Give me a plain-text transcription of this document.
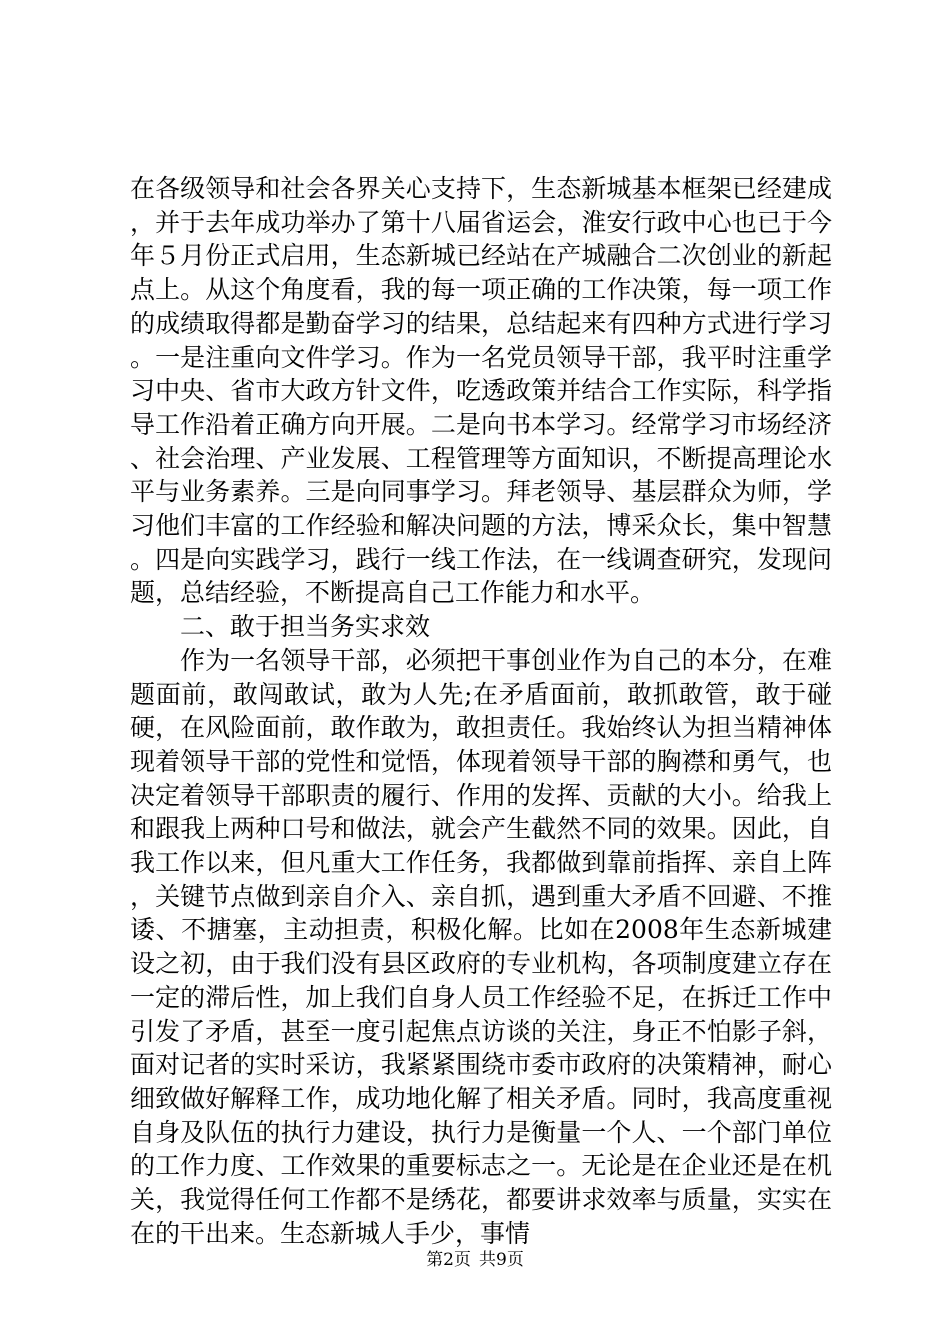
在各级领导和社会各界关心支持下，生态新城基本框架已经建成，并于去年成功举办了第十八届省运会，淮安行政中心也已于今年５月份正式启用，生态新城已经站在产城融合二次创业的新起点上。从这个角度看，我的每一项正确的工作决策，每一项工作的成绩取得都是勤奋学习的结果，总结起来有四种方式进行学习。一是注重向文件学习。作为一名党员领导干部，我平时注重学习中央、省市大政方针文件，吃透政策并结合工作实际，科学指导工作沿着正确方向开展。二是向书本学习。经常学习市场经济、社会治理、产业发展、工程管理等方面知识，不断提高理论水平与业务素养。三是向同事学习。拜老领导、基层群众为师，学习他们丰富的工作经验和解决问题的方法，博采众长，集中智慧。四是向实践学习，践行一线工作法，在一线调查研究，发现问题，总结经验，不断提高自己工作能力和水平。

二、敢于担当务实求效

作为一名领导干部，必须把干事创业作为自己的本分，在难题面前，敢闯敢试，敢为人先;在矛盾面前，敢抓敢管，敢于碰硬，在风险面前，敢作敢为，敢担责任。我始终认为担当精神体现着领导干部的党性和觉悟，体现着领导干部的胸襟和勇气，也决定着领导干部职责的履行、作用的发挥、贡献的大小。给我上和跟我上两种口号和做法，就会产生截然不同的效果。因此，自我工作以来，但凡重大工作任务，我都做到靠前指挥、亲自上阵，关键节点做到亲自介入、亲自抓，遇到重大矛盾不回避、不推诿、不搪塞，主动担责，积极化解。比如在2008年生态新城建设之初，由于我们没有县区政府的专业机构，各项制度建立存在一定的滞后性，加上我们自身人员工作经验不足，在拆迁工作中引发了矛盾，甚至一度引起焦点访谈的关注，身正不怕影子斜，面对记者的实时采访，我紧紧围绕市委市政府的决策精神，耐心细致做好解释工作，成功地化解了相关矛盾。同时，我高度重视自身及队伍的执行力建设，执行力是衡量一个人、一个部门单位的工作力度、工作效果的重要标志之一。无论是在企业还是在机关，我觉得任何工作都不是绣花，都要讲求效率与质量，实实在在的干出来。生态新城人手少，事情

第2页 共9页
